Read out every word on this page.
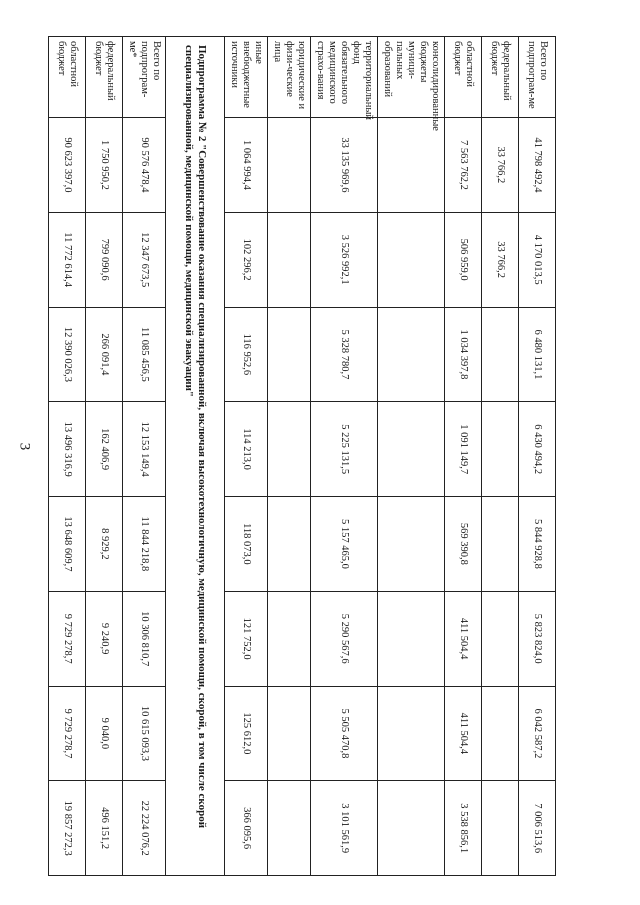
3
Всего по подпрограм-ме	41 798 492,4	4 170 013,5	6 480 131,1	6 430 494,2	5 844 928,8	5 823 824,0	6 042 587,2	7 006 513,6
федеральный бюджет	33 766,2	33 766,2						
областной бюджет	7 563 762,2	506 959,0	1 034 397,8	1 091 149,7	569 390,8	411 504,4	411 504,4	3 538 856,1
консолидированные бюджеты муници-пальных образований								
территориальный фонд обязательного медицинского страхо-вания	33 135 969,6	3 526 992,1	5 328 780,7	5 225 131,5	5 157 465,0	5 290 567,6	5 505 470,8	3 101 561,9
юридические и физи-ческие лица								
иные внебюджетные источники	1 064 994,4	102 296,2	116 952,6	114 213,0	118 073,0	121 752,0	125 612,0	366 095,6
Подпрограмма № 2 "Совершенствование оказания специализированной, включая высокотехнологичную, медицинской помощи, скорой, в том числе скорой специализированной, медицинской помощи, медицинской эвакуации"								
Всего по подпрограм-ме*	90 576 478,4	12 347 673,5	11 085 456,5	12 153 149,4	11 844 218,8	10 306 810,7	10 615 093,3	22 224 076,2
федеральный бюджет	1 750 950,2	799 090,6	266 091,4	162 406,9	8 929,2	9 240,9	9 040,0	496 151,2
областной бюджет	90 623 397,0	11 772 614,4	12 390 026,3	13 496 316,9	13 648 609,7	9 729 278,7	9 729 278,7	19 857 272,3
